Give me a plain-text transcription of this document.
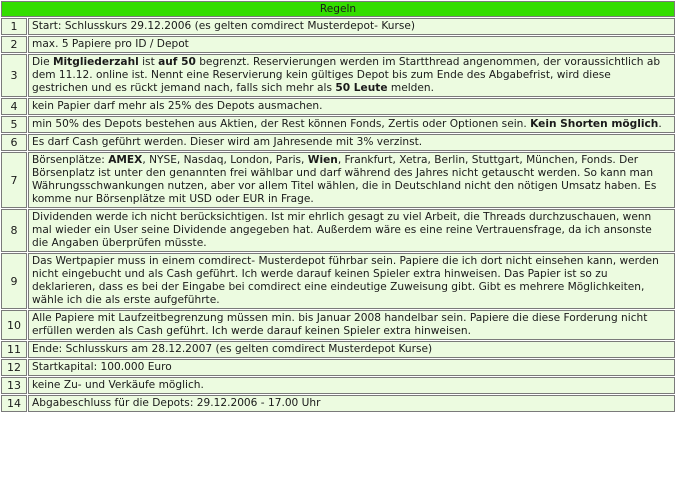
Regeln	
1	Start: Schlusskurs 29.12.2006 (es gelten comdirect Musterdepot- Kurse)
2	max. 5 Papiere pro ID / Depot
3	Die Mitgliederzahl ist auf 50 begrenzt. Reservierungen werden im Startthread angenommen, der voraussichtlich ab dem 11.12. online ist. Nennt eine Reservierung kein gültiges Depot bis zum Ende des Abgabefrist, wird diese gestrichen und es rückt jemand nach, falls sich mehr als 50 Leute melden.
4	kein Papier darf mehr als 25% des Depots ausmachen.
5	min 50% des Depots bestehen aus Aktien, der Rest können Fonds, Zertis oder Optionen sein. Kein Shorten möglich.
6	Es darf Cash geführt werden. Dieser wird am Jahresende mit 3% verzinst.
7	Börsenplätze: AMEX, NYSE, Nasdaq, London, Paris, Wien, Frankfurt, Xetra, Berlin, Stuttgart, München, Fonds. Der Börsenplatz ist unter den genannten frei wählbar und darf während des Jahres nicht getauscht werden. So kann man Währungsschwankungen nutzen, aber vor allem Titel wählen, die in Deutschland nicht den nötigen Umsatz haben. Es komme nur Börsenplätze mit USD oder EUR in Frage.
8	Dividenden werde ich nicht berücksichtigen. Ist mir ehrlich gesagt zu viel Arbeit, die Threads durchzuschauen, wenn mal wieder ein User seine Dividende angegeben hat. Außerdem wäre es eine reine Vertrauensfrage, da ich ansonste die Angaben überprüfen müsste.
9	Das Wertpapier muss in einem comdirect- Musterdepot führbar sein. Papiere die ich dort nicht einsehen kann, werden nicht eingebucht und als Cash geführt. Ich werde darauf keinen Spieler extra hinweisen. Das Papier ist so zu deklarieren, dass es bei der Eingabe bei comdirect eine eindeutige Zuweisung gibt. Gibt es mehrere Möglichkeiten, wähle ich die als erste aufgeführte.
10	Alle Papiere mit Laufzeitbegrenzung müssen min. bis Januar 2008 handelbar sein. Papiere die diese Forderung nicht erfüllen werden als Cash geführt. Ich werde darauf keinen Spieler extra hinweisen.
11	Ende: Schlusskurs am 28.12.2007 (es gelten comdirect Musterdepot Kurse)
12	Startkapital: 100.000 Euro
13	keine Zu- und Verkäufe möglich.
14	Abgabeschluss für die Depots: 29.12.2006 - 17.00 Uhr
